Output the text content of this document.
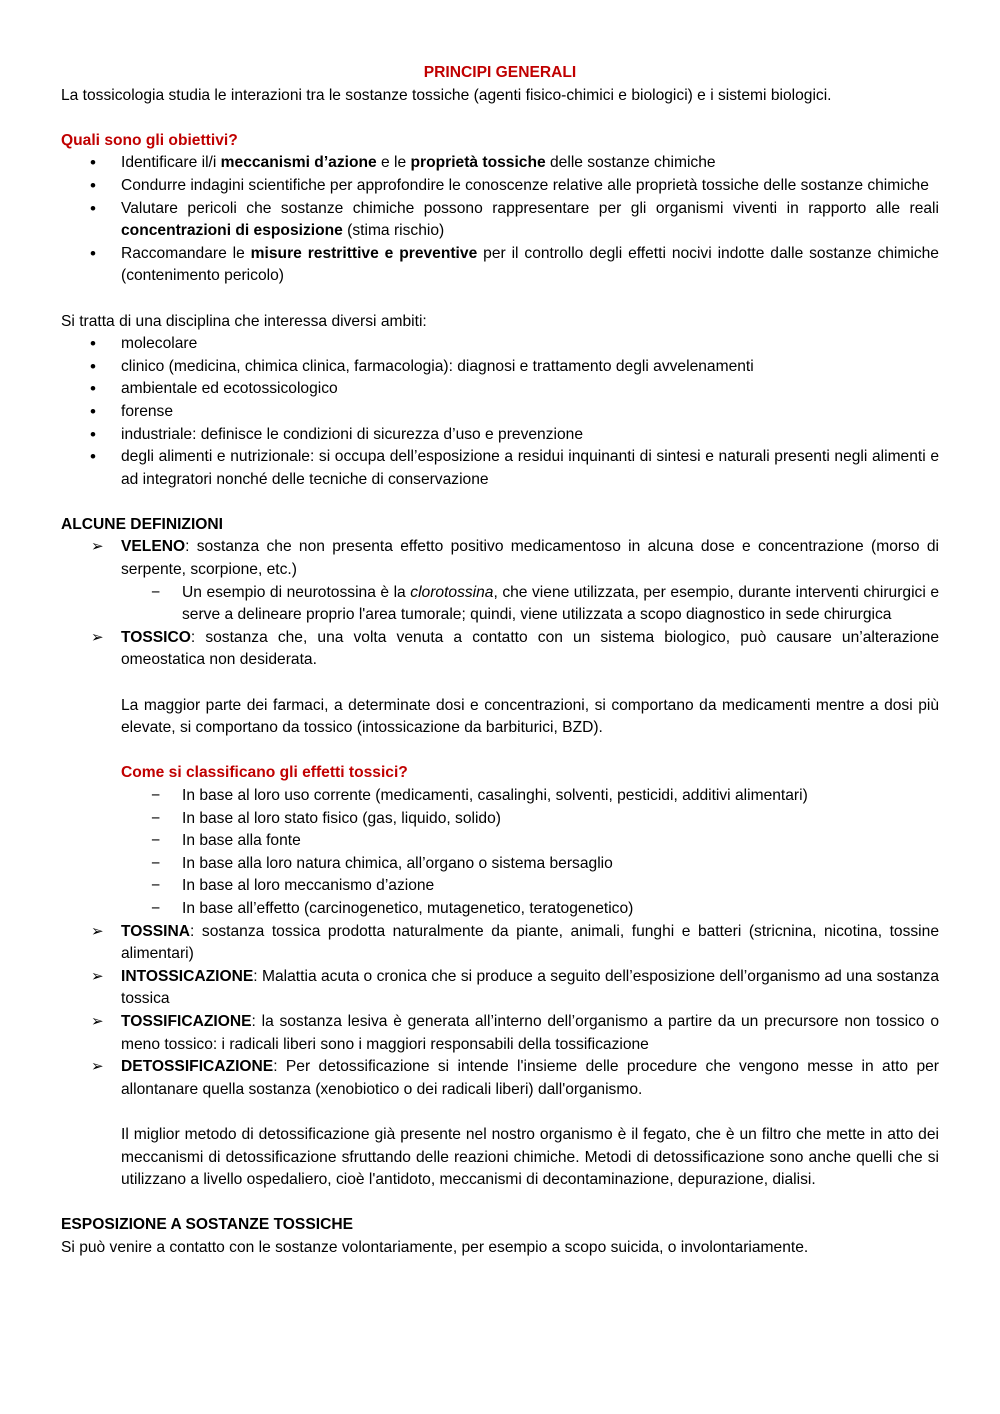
PRINCIPI GENERALI

La tossicologia studia le interazioni tra le sostanze tossiche (agenti fisico-chimici e biologici) e i sistemi biologici.

Quali sono gli obiettivi?

• Identificare il/i meccanismi d’azione e le proprietà tossiche delle sostanze chimiche
• Condurre indagini scientifiche per approfondire le conoscenze relative alle proprietà tossiche delle sostanze chimiche
• Valutare pericoli che sostanze chimiche possono rappresentare per gli organismi viventi in rapporto alle reali concentrazioni di esposizione (stima rischio)
• Raccomandare le misure restrittive e preventive per il controllo degli effetti nocivi indotte dalle sostanze chimiche (contenimento pericolo)

Si tratta di una disciplina che interessa diversi ambiti:

• molecolare
• clinico (medicina, chimica clinica, farmacologia): diagnosi e trattamento degli avvelenamenti
• ambientale ed ecotossicologico
• forense
• industriale: definisce le condizioni di sicurezza d’uso e prevenzione
• degli alimenti e nutrizionale: si occupa dell’esposizione a residui inquinanti di sintesi e naturali presenti negli alimenti e ad integratori nonché delle tecniche di conservazione

ALCUNE DEFINIZIONI

➢ VELENO: sostanza che non presenta effetto positivo medicamentoso in alcuna dose e concentrazione (morso di serpente, scorpione, etc.)
− Un esempio di neurotossina è la clorotossina, che viene utilizzata, per esempio, durante interventi chirurgici e serve a delineare proprio l'area tumorale; quindi, viene utilizzata a scopo diagnostico in sede chirurgica
➢ TOSSICO: sostanza che, una volta venuta a contatto con un sistema biologico, può causare un’alterazione omeostatica non desiderata.

La maggior parte dei farmaci, a determinate dosi e concentrazioni, si comportano da medicamenti mentre a dosi più elevate, si comportano da tossico (intossicazione da barbiturici, BZD).

Come si classificano gli effetti tossici?

− In base al loro uso corrente (medicamenti, casalinghi, solventi, pesticidi, additivi alimentari)
− In base al loro stato fisico (gas, liquido, solido)
− In base alla fonte
− In base alla loro natura chimica, all’organo o sistema bersaglio
− In base al loro meccanismo d’azione
− In base all’effetto (carcinogenetico, mutagenetico, teratogenetico)
➢ TOSSINA: sostanza tossica prodotta naturalmente da piante, animali, funghi e batteri (stricnina, nicotina, tossine alimentari)
➢ INTOSSICAZIONE: Malattia acuta o cronica che si produce a seguito dell’esposizione dell’organismo ad una sostanza tossica
➢ TOSSIFICAZIONE: la sostanza lesiva è generata all’interno dell’organismo a partire da un precursore non tossico o meno tossico: i radicali liberi sono i maggiori responsabili della tossificazione
➢ DETOSSIFICAZIONE: Per detossificazione si intende l'insieme delle procedure che vengono messe in atto per allontanare quella sostanza (xenobiotico o dei radicali liberi) dall'organismo.

Il miglior metodo di detossificazione già presente nel nostro organismo è il fegato, che è un filtro che mette in atto dei meccanismi di detossificazione sfruttando delle reazioni chimiche. Metodi di detossificazione sono anche quelli che si utilizzano a livello ospedaliero, cioè l'antidoto, meccanismi di decontaminazione, depurazione, dialisi.

ESPOSIZIONE A SOSTANZE TOSSICHE

Si può venire a contatto con le sostanze volontariamente, per esempio a scopo suicida, o involontariamente.
